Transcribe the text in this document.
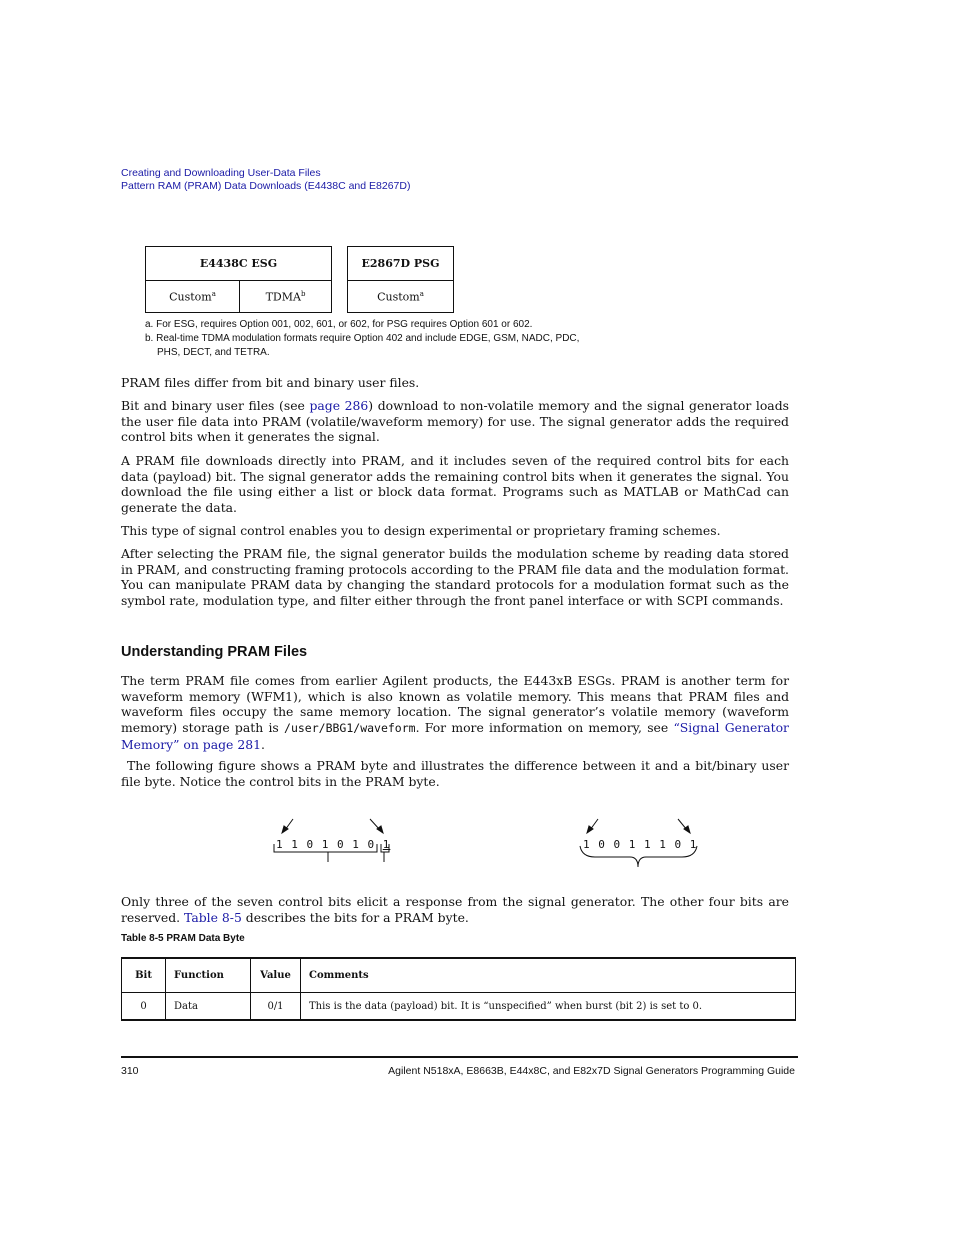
Creating and Downloading User-Data Files
Pattern RAM (PRAM) Data Downloads (E4438C and E8267D)
E4438C ESG
Custom$^a$	TDMA$^b$
E2867D PSG
Custom$^a$
a. For ESG, requires Option 001, 002, 601, or 602, for PSG requires Option 601 or 602.
b. Real-time TDMA modulation formats require Option 402 and include EDGE, GSM, NADC, PDC,
PHS, DECT, and TETRA.
PRAM files differ from bit and binary user files.
Bit and binary user files (see page 286) download to non-volatile memory and the signal generator loads the user file data into PRAM (volatile/waveform memory) for use. The signal generator adds the required control bits when it generates the signal.
A PRAM file downloads directly into PRAM, and it includes seven of the required control bits for each data (payload) bit. The signal generator adds the remaining control bits when it generates the signal. You download the file using either a list or block data format. Programs such as MATLAB or MathCad can generate the data.
This type of signal control enables you to design experimental or proprietary framing schemes.
After selecting the PRAM file, the signal generator builds the modulation scheme by reading data stored in PRAM, and constructing framing protocols according to the PRAM file data and the modulation format. You can manipulate PRAM data by changing the standard protocols for a modulation format such as the symbol rate, modulation type, and filter either through the front panel interface or with SCPI commands.
Understanding PRAM Files
The term PRAM file comes from earlier Agilent products, the E443xB ESGs. PRAM is another term for waveform memory (WFM1), which is also known as volatile memory. This means that PRAM files and waveform files occupy the same memory location. The signal generator’s volatile memory (waveform memory) storage path is /user/BBG1/waveform. For more information on memory, see “Signal Generator Memory” on page 281.
The following figure shows a PRAM byte and illustrates the difference between it and a bit/binary user file byte. Notice the control bits in the PRAM byte.
1 1 0 1 0 1 0 1	1 0 0 1 1 1 0 1
Only three of the seven control bits elicit a response from the signal generator. The other four bits are reserved. Table 8-5 describes the bits for a PRAM byte.
Table 8-5 PRAM Data Byte
Bit	Function	Value	Comments
0	Data	0/1	This is the data (payload) bit. It is “unspecified” when burst (bit 2) is set to 0.
310	Agilent N518xA, E8663B, E44x8C, and E82x7D Signal Generators Programming Guide
